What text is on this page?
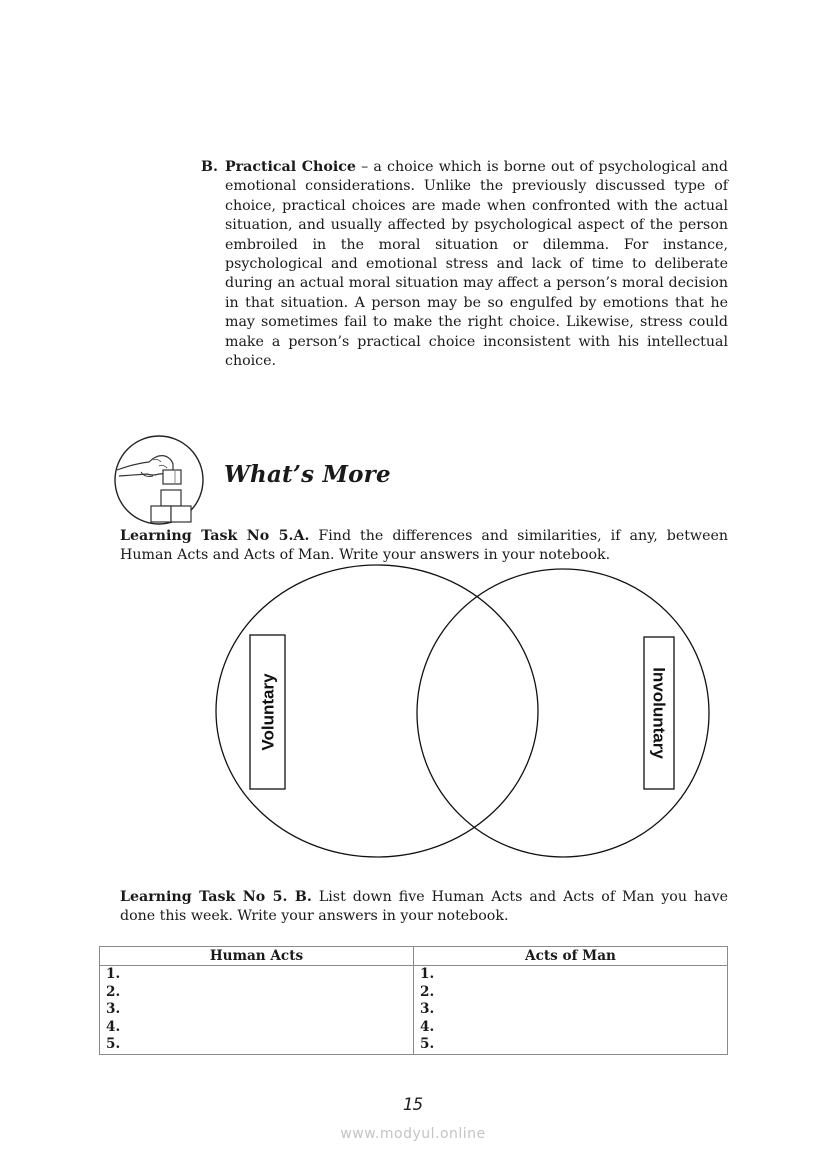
B. Practical Choice – a choice which is borne out of psychological and emotional considerations. Unlike the previously discussed type of choice, practical choices are made when confronted with the actual situation, and usually affected by psychological aspect of the person embroiled in the moral situation or dilemma. For instance, psychological and emotional stress and lack of time to deliberate during an actual moral situation may affect a person’s moral decision in that situation. A person may be so engulfed by emotions that he may sometimes fail to make the right choice. Likewise, stress could make a person’s practical choice inconsistent with his intellectual choice.
What’s More
Learning Task No 5.A. Find the differences and similarities, if any, between Human Acts and Acts of Man. Write your answers in your notebook.
Voluntary	Involuntary
Learning Task No 5. B. List down five Human Acts and Acts of Man you have done this week. Write your answers in your notebook.
Human Acts	Acts of Man
1.	1.
2.	2.
3.	3.
4.	4.
5.	5.
15
www.modyul.online
